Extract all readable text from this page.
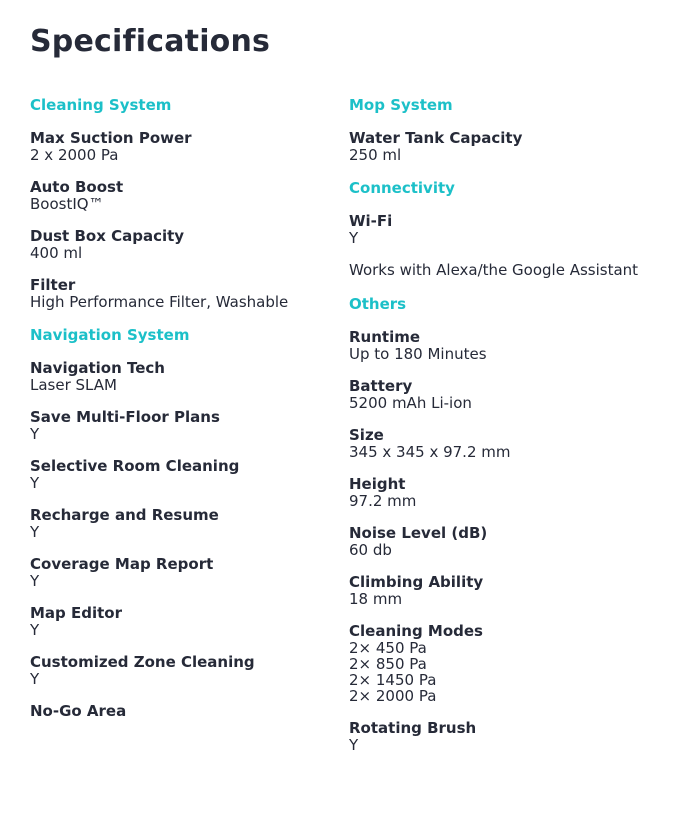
Specifications
Cleaning System
Max Suction Power
2 x 2000 Pa
Auto Boost
BoostIQ™
Dust Box Capacity
400 ml
Filter
High Performance Filter, Washable
Navigation System
Navigation Tech
Laser SLAM
Save Multi-Floor Plans
Y
Selective Room Cleaning
Y
Recharge and Resume
Y
Coverage Map Report
Y
Map Editor
Y
Customized Zone Cleaning
Y
No-Go Area
Mop System
Water Tank Capacity
250 ml
Connectivity
Wi-Fi
Y
Works with Alexa/the Google Assistant
Others
Runtime
Up to 180 Minutes
Battery
5200 mAh Li-ion
Size
345 x 345 x 97.2 mm
Height
97.2 mm
Noise Level (dB)
60 db
Climbing Ability
18 mm
Cleaning Modes
2× 450 Pa
2× 850 Pa
2× 1450 Pa
2× 2000 Pa
Rotating Brush
Y
